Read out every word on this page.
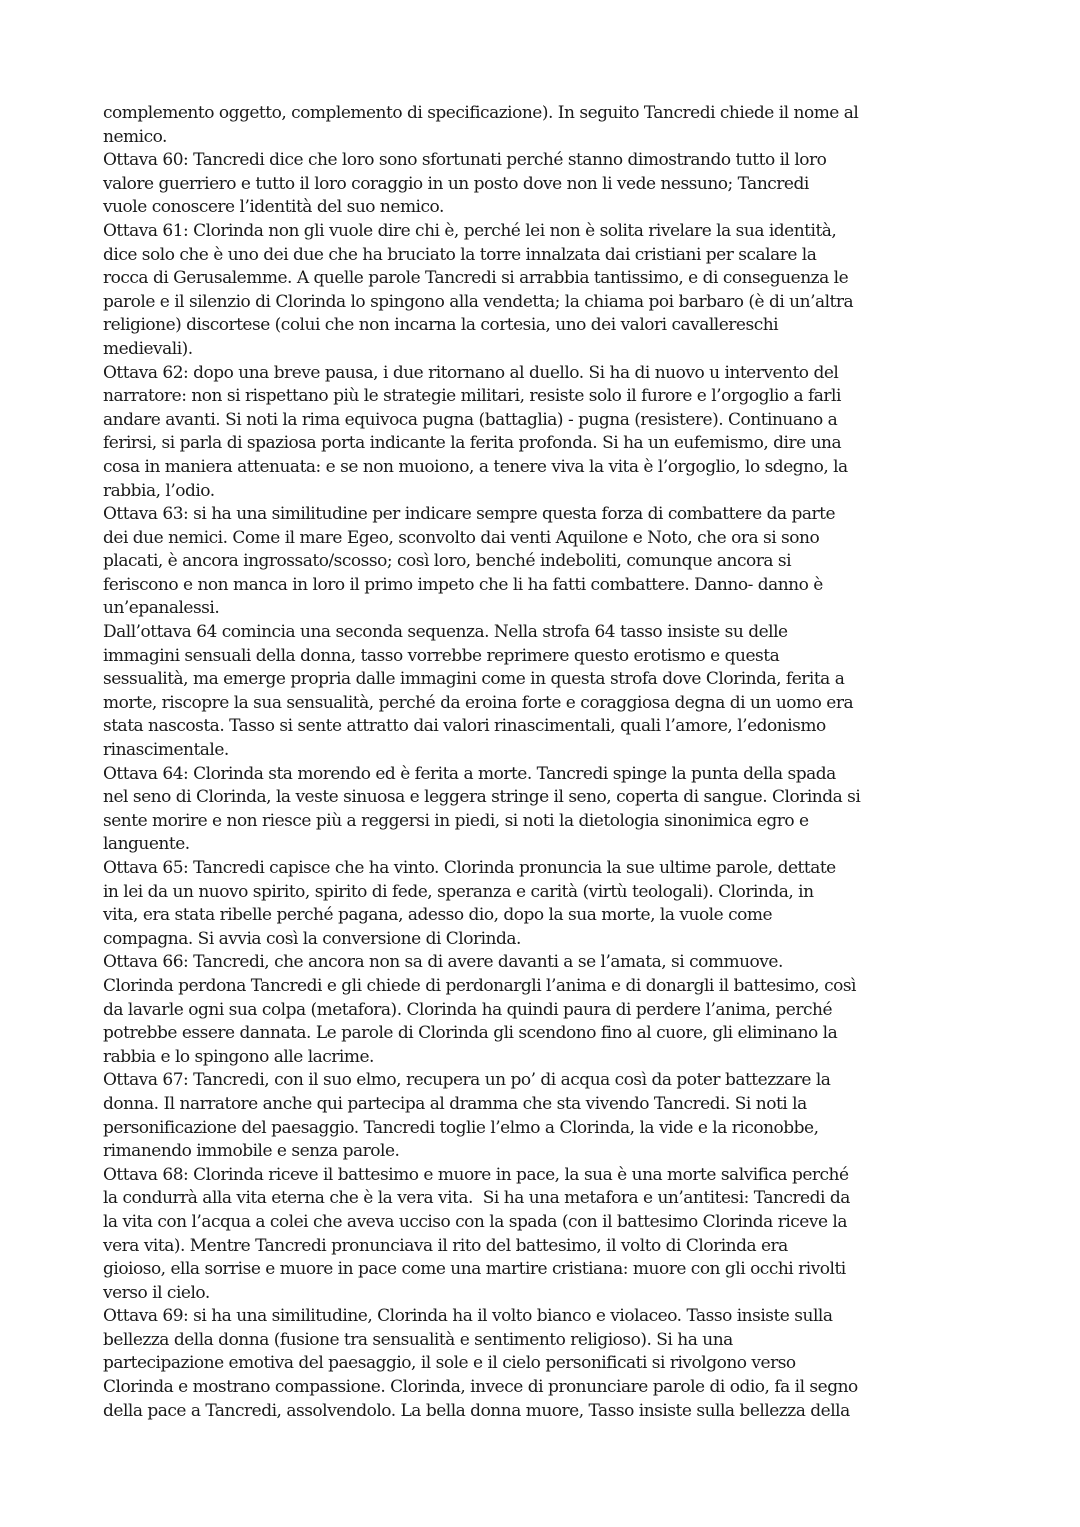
complemento oggetto, complemento di specificazione). In seguito Tancredi chiede il nome al
nemico.

Ottava 60: Tancredi dice che loro sono sfortunati perché stanno dimostrando tutto il loro
valore guerriero e tutto il loro coraggio in un posto dove non li vede nessuno; Tancredi
vuole conoscere l’identità del suo nemico.

Ottava 61: Clorinda non gli vuole dire chi è, perché lei non è solita rivelare la sua identità,
dice solo che è uno dei due che ha bruciato la torre innalzata dai cristiani per scalare la
rocca di Gerusalemme. A quelle parole Tancredi si arrabbia tantissimo, e di conseguenza le
parole e il silenzio di Clorinda lo spingono alla vendetta; la chiama poi barbaro (è di un’altra
religione) discortese (colui che non incarna la cortesia, uno dei valori cavallereschi
medievali).

Ottava 62: dopo una breve pausa, i due ritornano al duello. Si ha di nuovo u intervento del
narratore: non si rispettano più le strategie militari, resiste solo il furore e l’orgoglio a farli
andare avanti. Si noti la rima equivoca pugna (battaglia) - pugna (resistere). Continuano a
ferirsi, si parla di spaziosa porta indicante la ferita profonda. Si ha un eufemismo, dire una
cosa in maniera attenuata: e se non muoiono, a tenere viva la vita è l’orgoglio, lo sdegno, la
rabbia, l’odio.

Ottava 63: si ha una similitudine per indicare sempre questa forza di combattere da parte
dei due nemici. Come il mare Egeo, sconvolto dai venti Aquilone e Noto, che ora si sono
placati, è ancora ingrossato/scosso; così loro, benché indeboliti, comunque ancora si
feriscono e non manca in loro il primo impeto che li ha fatti combattere. Danno- danno è
un’epanalessi.

Dall’ottava 64 comincia una seconda sequenza. Nella strofa 64 tasso insiste su delle
immagini sensuali della donna, tasso vorrebbe reprimere questo erotismo e questa
sessualità, ma emerge propria dalle immagini come in questa strofa dove Clorinda, ferita a
morte, riscopre la sua sensualità, perché da eroina forte e coraggiosa degna di un uomo era
stata nascosta. Tasso si sente attratto dai valori rinascimentali, quali l’amore, l’edonismo
rinascimentale.

Ottava 64: Clorinda sta morendo ed è ferita a morte. Tancredi spinge la punta della spada
nel seno di Clorinda, la veste sinuosa e leggera stringe il seno, coperta di sangue. Clorinda si
sente morire e non riesce più a reggersi in piedi, si noti la dietologia sinonimica egro e
languente.

Ottava 65: Tancredi capisce che ha vinto. Clorinda pronuncia la sue ultime parole, dettate
in lei da un nuovo spirito, spirito di fede, speranza e carità (virtù teologali). Clorinda, in
vita, era stata ribelle perché pagana, adesso dio, dopo la sua morte, la vuole come
compagna. Si avvia così la conversione di Clorinda.

Ottava 66: Tancredi, che ancora non sa di avere davanti a se l’amata, si commuove.
Clorinda perdona Tancredi e gli chiede di perdonargli l’anima e di donargli il battesimo, così
da lavarle ogni sua colpa (metafora). Clorinda ha quindi paura di perdere l’anima, perché
potrebbe essere dannata. Le parole di Clorinda gli scendono fino al cuore, gli eliminano la
rabbia e lo spingono alle lacrime.

Ottava 67: Tancredi, con il suo elmo, recupera un po’ di acqua così da poter battezzare la
donna. Il narratore anche qui partecipa al dramma che sta vivendo Tancredi. Si noti la
personificazione del paesaggio. Tancredi toglie l’elmo a Clorinda, la vide e la riconobbe,
rimanendo immobile e senza parole.

Ottava 68: Clorinda riceve il battesimo e muore in pace, la sua è una morte salvifica perché
la condurrà alla vita eterna che è la vera vita.  Si ha una metafora e un’antitesi: Tancredi da
la vita con l’acqua a colei che aveva ucciso con la spada (con il battesimo Clorinda riceve la
vera vita). Mentre Tancredi pronunciava il rito del battesimo, il volto di Clorinda era
gioioso, ella sorrise e muore in pace come una martire cristiana: muore con gli occhi rivolti
verso il cielo.

Ottava 69: si ha una similitudine, Clorinda ha il volto bianco e violaceo. Tasso insiste sulla
bellezza della donna (fusione tra sensualità e sentimento religioso). Si ha una
partecipazione emotiva del paesaggio, il sole e il cielo personificati si rivolgono verso
Clorinda e mostrano compassione. Clorinda, invece di pronunciare parole di odio, fa il segno
della pace a Tancredi, assolvendolo. La bella donna muore, Tasso insiste sulla bellezza della
